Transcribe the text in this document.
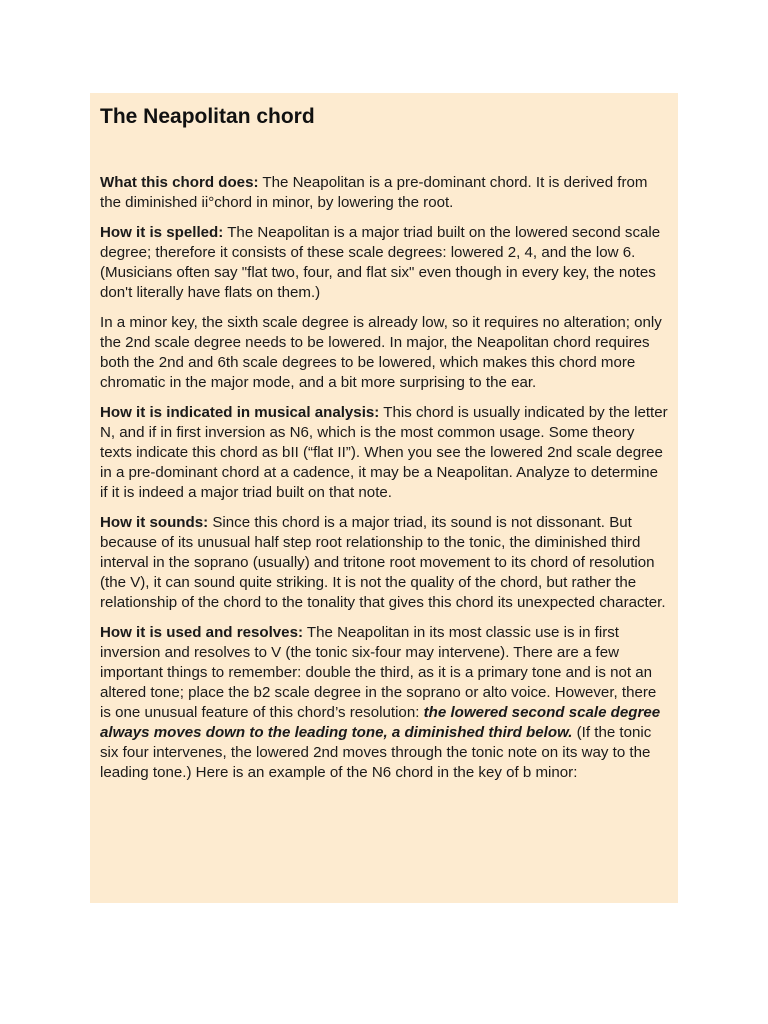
The Neapolitan chord

What this chord does: The Neapolitan is a pre-dominant chord. It is derived from the diminished ii°chord in minor, by lowering the root.

How it is spelled: The Neapolitan is a major triad built on the lowered second scale degree; therefore it consists of these scale degrees: lowered 2, 4, and the low 6. (Musicians often say "flat two, four, and flat six" even though in every key, the notes don't literally have flats on them.)

In a minor key, the sixth scale degree is already low, so it requires no alteration; only the 2nd scale degree needs to be lowered. In major, the Neapolitan chord requires both the 2nd and 6th scale degrees to be lowered, which makes this chord more chromatic in the major mode, and a bit more surprising to the ear.

How it is indicated in musical analysis: This chord is usually indicated by the letter N, and if in first inversion as N6, which is the most common usage. Some theory texts indicate this chord as bII (“flat II”). When you see the lowered 2nd scale degree in a pre-dominant chord at a cadence, it may be a Neapolitan. Analyze to determine if it is indeed a major triad built on that note.

How it sounds: Since this chord is a major triad, its sound is not dissonant. But because of its unusual half step root relationship to the tonic, the diminished third interval in the soprano (usually) and tritone root movement to its chord of resolution (the V), it can sound quite striking. It is not the quality of the chord, but rather the relationship of the chord to the tonality that gives this chord its unexpected character.

How it is used and resolves: The Neapolitan in its most classic use is in first inversion and resolves to V (the tonic six-four may intervene). There are a few important things to remember: double the third, as it is a primary tone and is not an altered tone; place the b2 scale degree in the soprano or alto voice. However, there is one unusual feature of this chord’s resolution: the lowered second scale degree always moves down to the leading tone, a diminished third below. (If the tonic six four intervenes, the lowered 2nd moves through the tonic note on its way to the leading tone.) Here is an example of the N6 chord in the key of b minor:
